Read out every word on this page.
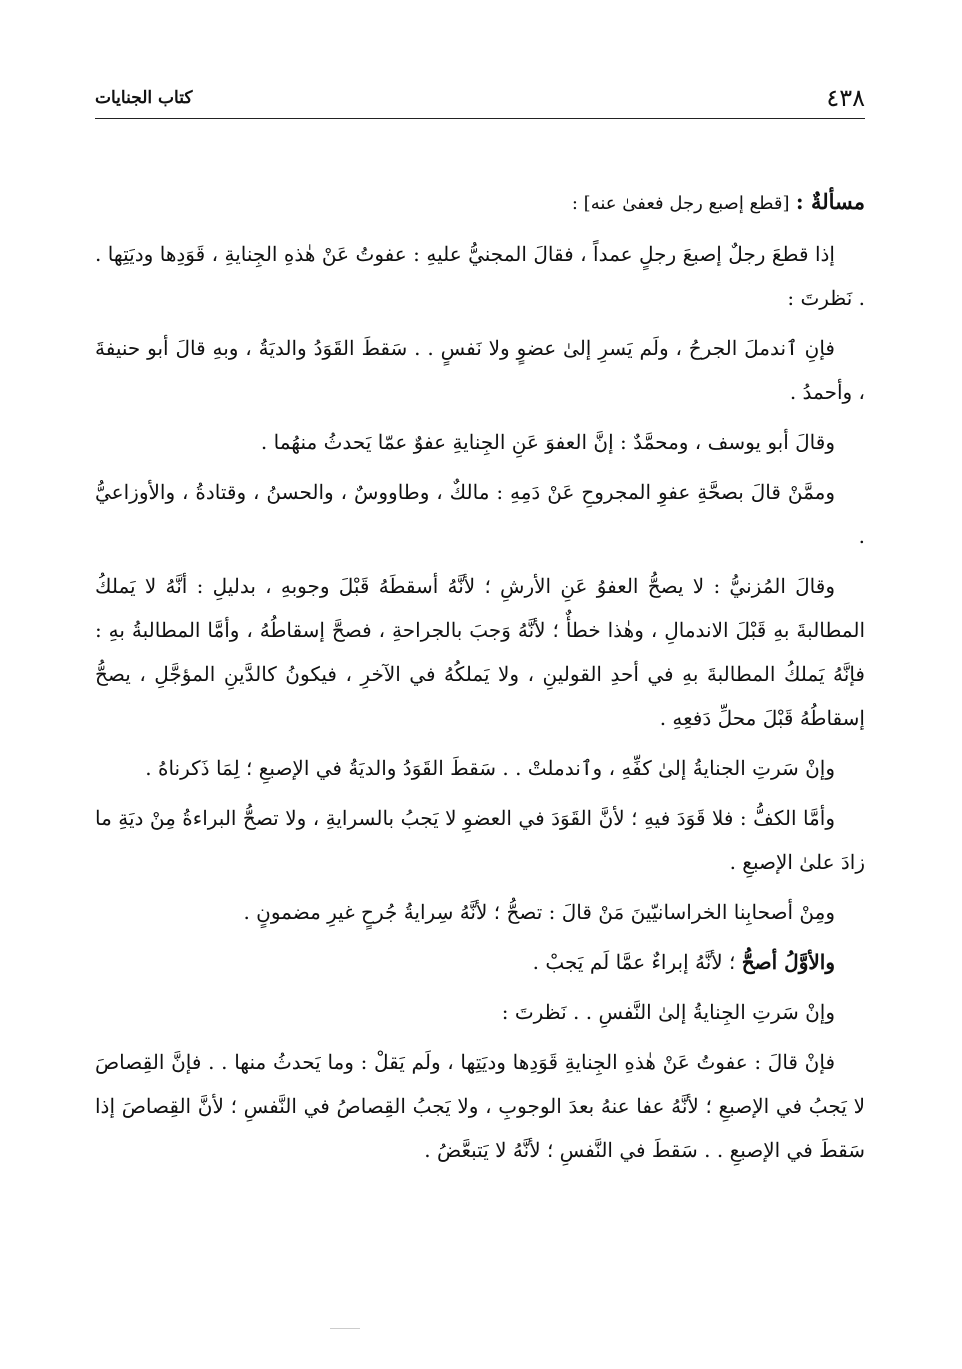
٤٣٨
كتاب الجنايات

مسألةٌ : [قطع إصبع رجل فعفىٰ عنه] :

إذا قطعَ رجلٌ إصبعَ رجلٍ عمداً ، فقالَ المجنيُّ عليهِ : عفوتُ عَنْ هٰذهِ الجِنايةِ ، قَوَدِها وديَتِها . . نَظرتَ :

فإنِ ٱندملَ الجرحُ ، ولَم يَسرِ إلىٰ عضوٍ ولا نَفسٍ . . سَقطَ القَوَدُ والديَةُ ، وبهِ قالَ أبو حنيفةَ ، وأحمدُ .

وقالَ أبو يوسف ، ومحمَّدٌ : إنَّ العفوَ عَنِ الجِنايةِ عفوٌ عمّا يَحدثُ منهُما .

وممَّنْ قالَ بصحَّةِ عفوِ المجروحِ عَنْ دَمِهِ : مالكٌ ، وطاووسٌ ، والحسنُ ، وقتادةُ ، والأوزاعيُّ .

وقالَ المُزنيُّ : لا يصحُّ العفوُ عَنِ الأرشِ ؛ لأنَّهُ أسقطَهُ قَبْلَ وجوبهِ ، بدليلِ : أنَّهُ لا يَملكُ المطالبةَ بهِ قَبْلَ الاندمالِ ، وهٰذا خطأٌ ؛ لأنَّهُ وَجبَ بالجراحةِ ، فصحَّ إسقاطُهُ ، وأمَّا المطالبةُ بهِ : فإنَّهُ يَملكُ المطالبةَ بهِ في أحدِ القولينِ ، ولا يَملكُهُ في الآخرِ ، فيكونُ كالدَّينِ المؤجَّلِ ، يصحُّ إسقاطُهُ قَبْلَ محلِّ دَفعِهِ .

وإنْ سَرتِ الجنايةُ إلىٰ كفِّهِ ، وٱندملتْ . . سَقطَ القَوَدُ والديَةُ في الإصبعِ ؛ لِمَا ذَكرناهُ .

وأمَّا الكفُّ : فلا قَوَدَ فيهِ ؛ لأنَّ القَوَدَ في العضوِ لا يَجبُ بالسرايةِ ، ولا تصحُّ البراءةُ مِنْ ديَةِ ما زادَ علىٰ الإصبعِ .

ومِنْ أصحابِنا الخراسانيّينَ مَنْ قالَ : تصحُّ ؛ لأنَّهُ سِرايةُ جُرحٍ غيرِ مضمونٍ .

والأوَّلُ أصحُّ ؛ لأنَّهُ إبراءٌ عمَّا لَم يَجبْ .

وإنْ سَرتِ الجِنايةُ إلىٰ النَّفسِ . . نَظرتَ :

فإنْ قالَ : عفوتُ عَنْ هٰذهِ الجِنايةِ قَوَدِها وديَتِها ، ولَم يَقلْ : وما يَحدثُ منها . . فإنَّ القِصاصَ لا يَجبُ في الإصبعِ ؛ لأنَّهُ عفا عنهُ بعدَ الوجوبِ ، ولا يَجبُ القِصاصُ في النَّفسِ ؛ لأنَّ القِصاصَ إذا سَقطَ في الإصبعِ . . سَقطَ في النَّفسِ ؛ لأنَّهُ لا يَتبعَّضُ .
